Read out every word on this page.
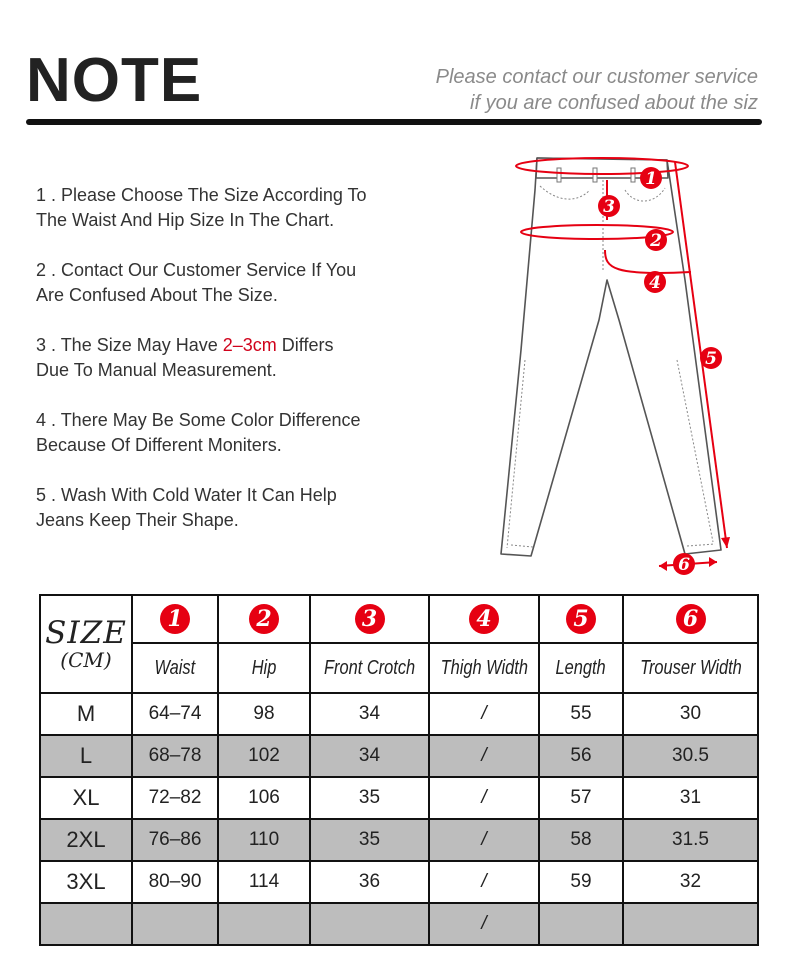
NOTE	Please contact our customer service
if you are confused about the siz

1 . Please Choose The Size According To
The Waist And Hip Size In The Chart.

2 . Contact Our Customer Service If You
Are Confused About The Size.

3 . The Size May Have 2–3cm Differs
Due To Manual Measurement.

4 . There May Be Some Color Difference
Because Of Different Moniters.

5 . Wash With Cold Water It Can Help
Jeans Keep Their Shape.

1
3
2
4
5
6
SIZE
(CM)	1	2	3	4	5	6
	Waist	Hip	Front Crotch	Thigh Width	Length	Trouser Width
M	64–74	98	34	/	55	30
L	68–78	102	34	/	56	30.5
XL	72–82	106	35	/	57	31
2XL	76–86	110	35	/	58	31.5
3XL	80–90	114	36	/	59	32
				/		
